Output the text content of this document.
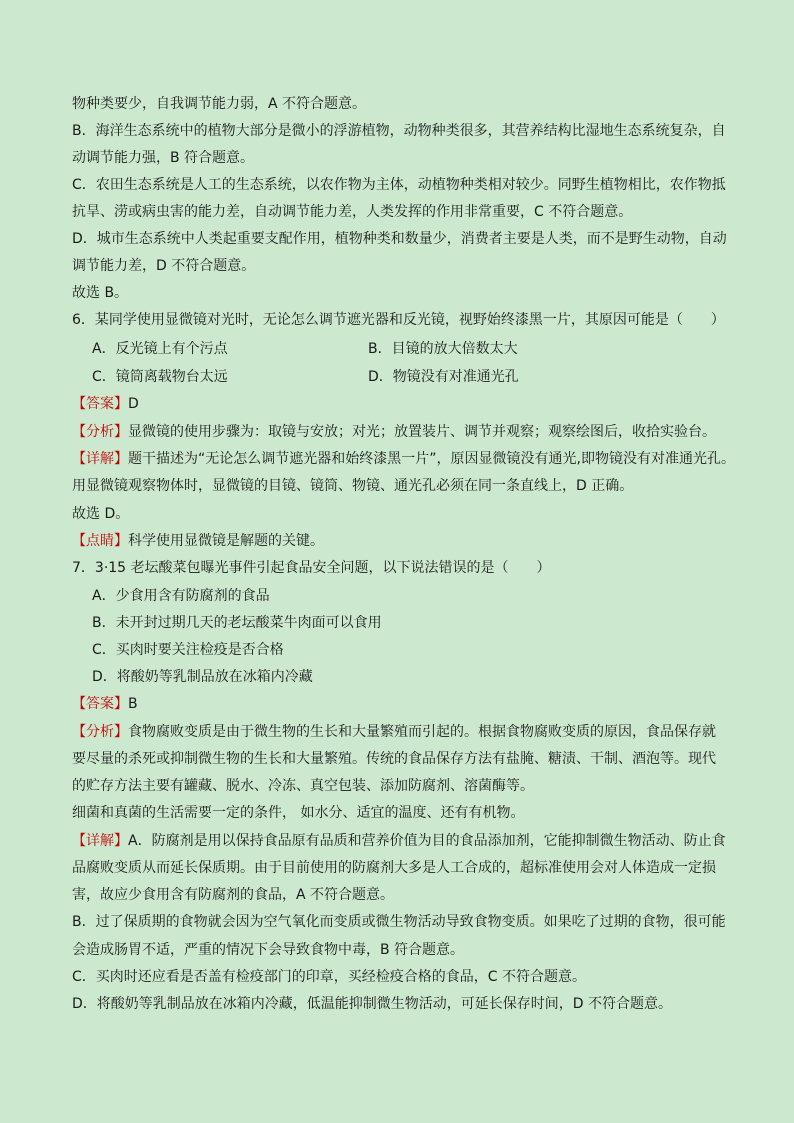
物种类要少，自我调节能力弱，A 不符合题意。
B．海洋生态系统中的植物大部分是微小的浮游植物，动物种类很多，其营养结构比湿地生态系统复杂，自
动调节能力强，B 符合题意。
C．农田生态系统是人工的生态系统，以农作物为主体，动植物种类相对较少。同野生植物相比，农作物抵
抗旱、涝或病虫害的能力差，自动调节能力差，人类发挥的作用非常重要，C 不符合题意。
D．城市生态系统中人类起重要支配作用，植物种类和数量少，消费者主要是人类，而不是野生动物，自动
调节能力差，D 不符合题意。
故选 B。
6．某同学使用显微镜对光时，无论怎么调节遮光器和反光镜，视野始终漆黑一片，其原因可能是（　　）
A．反光镜上有个污点	B．目镜的放大倍数太大
C．镜筒离载物台太远	D．物镜没有对准通光孔
【答案】D
【分析】显微镜的使用步骤为：取镜与安放；对光；放置装片、调节并观察；观察绘图后，收拾实验台。
【详解】题干描述为“无论怎么调节遮光器和始终漆黑一片”，原因显微镜没有通光,即物镜没有对准通光孔。
用显微镜观察物体时，显微镜的目镜、镜筒、物镜、通光孔必须在同一条直线上，D 正确。
故选 D。
【点睛】科学使用显微镜是解题的关键。
7．3·15 老坛酸菜包曝光事件引起食品安全问题，以下说法错误的是（　　）
A．少食用含有防腐剂的食品
B．未开封过期几天的老坛酸菜牛肉面可以食用
C．买肉时要关注检疫是否合格
D．将酸奶等乳制品放在冰箱内冷藏
【答案】B
【分析】食物腐败变质是由于微生物的生长和大量繁殖而引起的。根据食物腐败变质的原因，食品保存就
要尽量的杀死或抑制微生物的生长和大量繁殖。传统的食品保存方法有盐腌、糖渍、干制、酒泡等。现代
的贮存方法主要有罐藏、脱水、冷冻、真空包装、添加防腐剂、溶菌酶等。
细菌和真菌的生活需要一定的条件， 如水分、适宜的温度、还有有机物。
【详解】A．防腐剂是用以保持食品原有品质和营养价值为目的食品添加剂，它能抑制微生物活动、防止食
品腐败变质从而延长保质期。由于目前使用的防腐剂大多是人工合成的，超标准使用会对人体造成一定损
害，故应少食用含有防腐剂的食品，A 不符合题意。
B．过了保质期的食物就会因为空气氧化而变质或微生物活动导致食物变质。如果吃了过期的食物，很可能
会造成肠胃不适，严重的情况下会导致食物中毒，B 符合题意。
C．买肉时还应看是否盖有检疫部门的印章，买经检疫合格的食品，C 不符合题意。
D．将酸奶等乳制品放在冰箱内冷藏，低温能抑制微生物活动，可延长保存时间，D 不符合题意。
